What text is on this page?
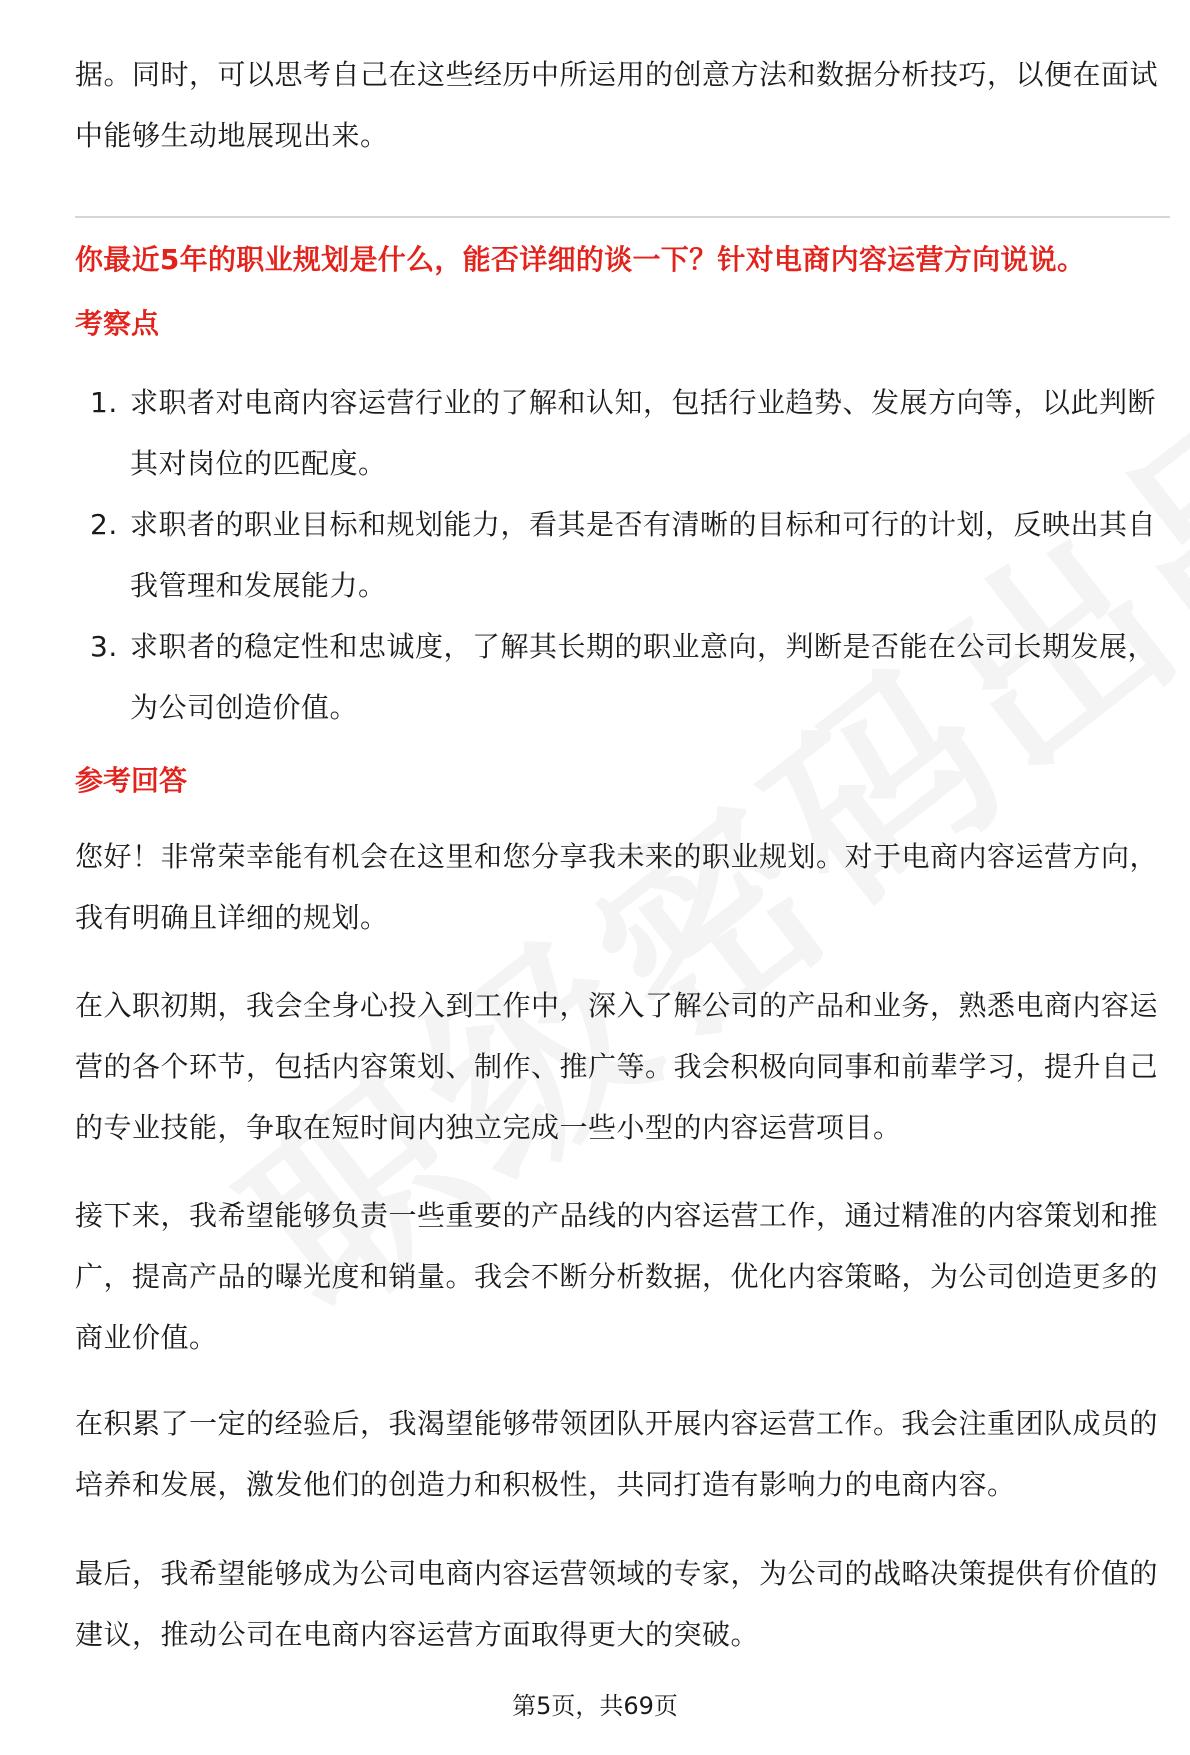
据。同时，可以思考自己在这些经历中所运用的创意方法和数据分析技巧，以便在面试中能够生动地展现出来。

你最近5年的职业规划是什么，能否详细的谈一下？针对电商内容运营方向说说。

考察点

1. 求职者对电商内容运营行业的了解和认知，包括行业趋势、发展方向等，以此判断其对岗位的匹配度。
2. 求职者的职业目标和规划能力，看其是否有清晰的目标和可行的计划，反映出其自我管理和发展能力。
3. 求职者的稳定性和忠诚度，了解其长期的职业意向，判断是否能在公司长期发展，为公司创造价值。

参考回答

您好！非常荣幸能有机会在这里和您分享我未来的职业规划。对于电商内容运营方向，我有明确且详细的规划。

在入职初期，我会全身心投入到工作中，深入了解公司的产品和业务，熟悉电商内容运营的各个环节，包括内容策划、制作、推广等。我会积极向同事和前辈学习，提升自己的专业技能，争取在短时间内独立完成一些小型的内容运营项目。

接下来，我希望能够负责一些重要的产品线的内容运营工作，通过精准的内容策划和推广，提高产品的曝光度和销量。我会不断分析数据，优化内容策略，为公司创造更多的商业价值。

在积累了一定的经验后，我渴望能够带领团队开展内容运营工作。我会注重团队成员的培养和发展，激发他们的创造力和积极性，共同打造有影响力的电商内容。

最后，我希望能够成为公司电商内容运营领域的专家，为公司的战略决策提供有价值的建议，推动公司在电商内容运营方面取得更大的突破。

第5页，共69页
